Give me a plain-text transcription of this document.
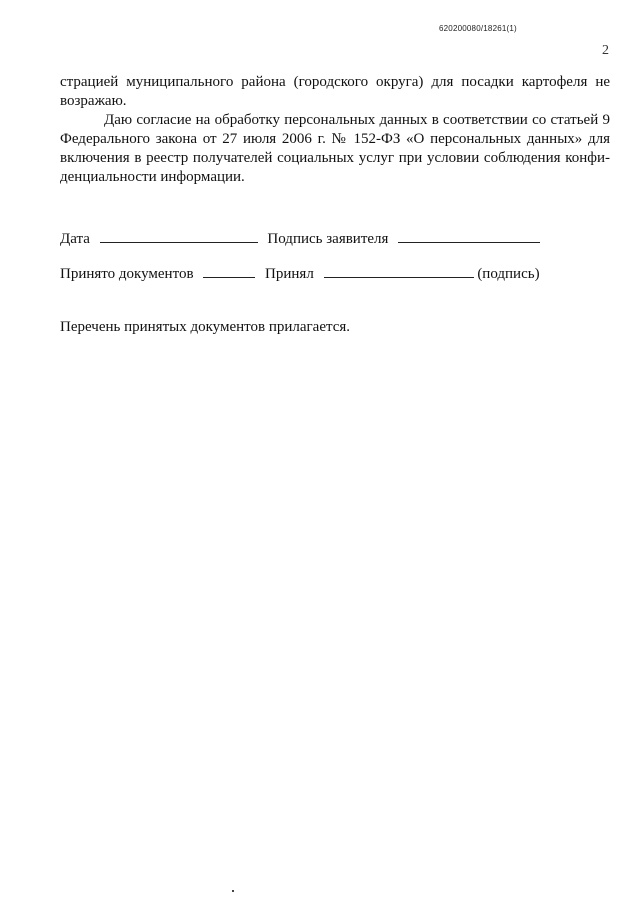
620200080/18261(1)
2

страцией муниципального района (городского округа) для посадки картофеля не возражаю.

Даю согласие на обработку персональных данных в соответствии со статьей 9 Федерального закона от 27 июля 2006 г. № 152-ФЗ «О персональных данных» для включения в реестр получателей социальных услуг при условии соблюдения конфиденциальности информации.

Дата	Подпись заявителя
Принято документов	Принял	(подпись)
Перечень принятых документов прилагается.
